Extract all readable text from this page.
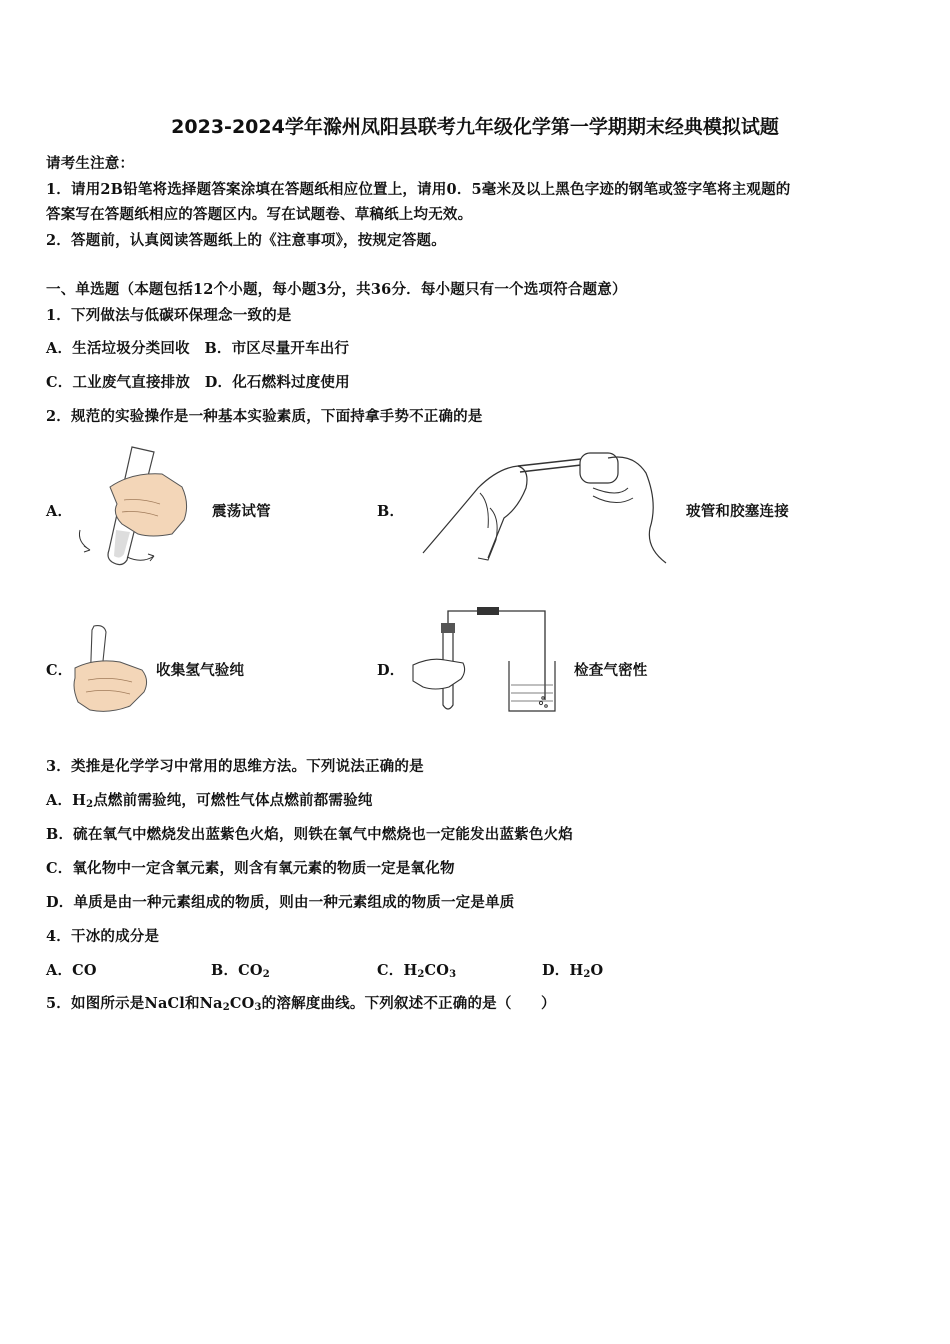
2023-2024学年滁州凤阳县联考九年级化学第一学期期末经典模拟试题
请考生注意：
1．请用2B铅笔将选择题答案涂填在答题纸相应位置上，请用0．5毫米及以上黑色字迹的钢笔或签字笔将主观题的
答案写在答题纸相应的答题区内。写在试题卷、草稿纸上均无效。
2．答题前，认真阅读答题纸上的《注意事项》，按规定答题。
一、单选题（本题包括12个小题，每小题3分，共36分．每小题只有一个选项符合题意）
1．下列做法与低碳环保理念一致的是
A．生活垃圾分类回收　B．市区尽量开车出行
C．工业废气直接排放　D．化石燃料过度使用
2．规范的实验操作是一种基本实验素质，下面持拿手势不正确的是
A．	震荡试管	B．	玻管和胶塞连接
C．	收集氢气验纯	D．	检查气密性
3．类推是化学学习中常用的思维方法。下列说法正确的是
A．$H_2$点燃前需验纯，可燃性气体点燃前都需验纯
B．硫在氧气中燃烧发出蓝紫色火焰，则铁在氧气中燃烧也一定能发出蓝紫色火焰
C．氧化物中一定含氧元素，则含有氧元素的物质一定是氧化物
D．单质是由一种元素组成的物质，则由一种元素组成的物质一定是单质
4．干冰的成分是
A．CO	B．$CO_2$	C．$H_2CO_3$	D．$H_2O$
5．如图所示是NaCl和$Na_2CO_3$的溶解度曲线。下列叙述不正确的是（　　）
